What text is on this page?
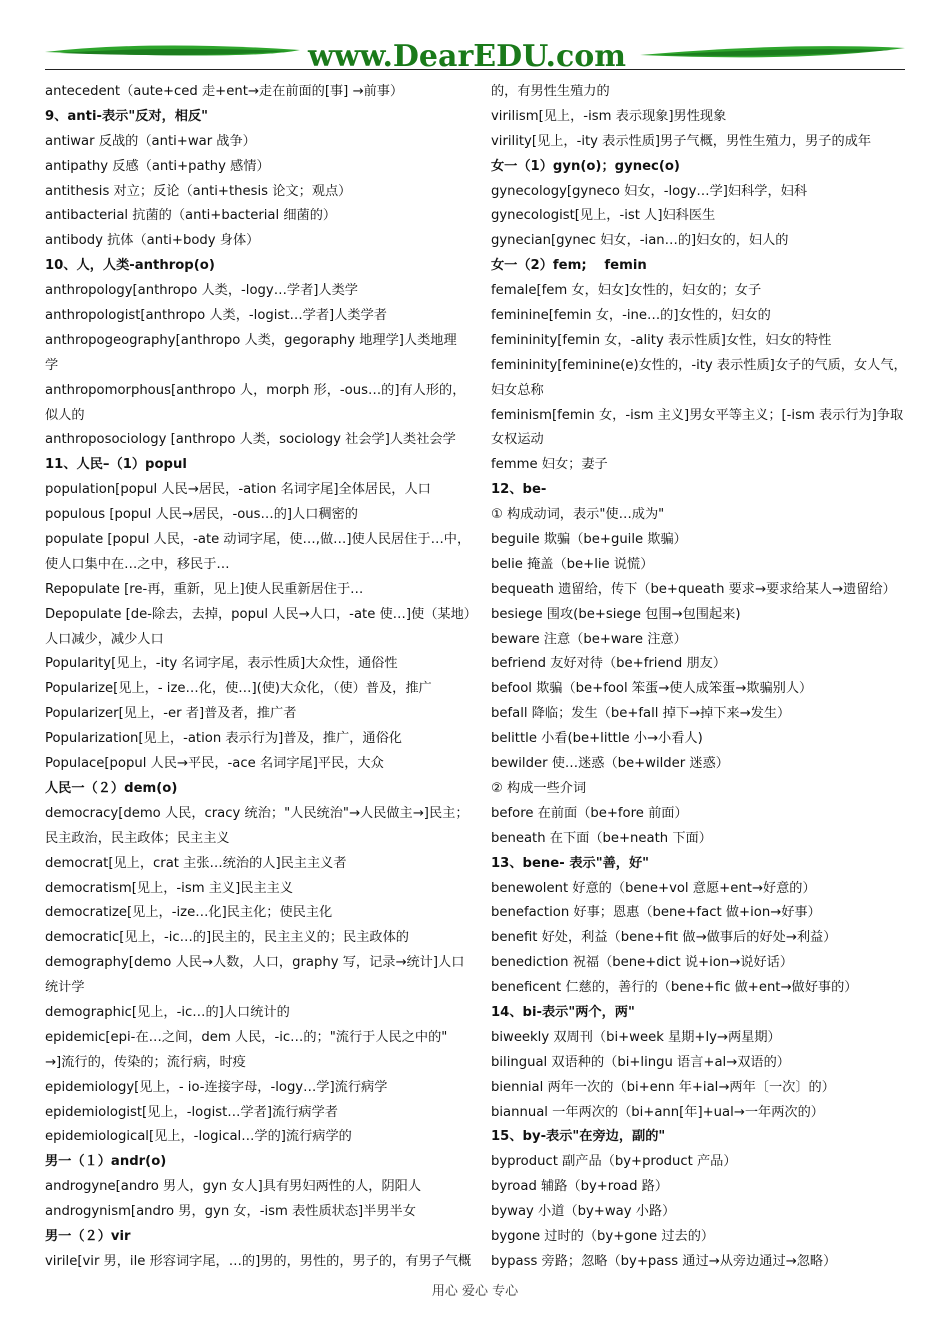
www.DearEDU.com
antecedent（aute+ced 走+ent→走在前面的[事] →前事）
9、anti-表示"反对，相反"
antiwar 反战的（anti+war 战争）
antipathy 反感（anti+pathy 感情）
antithesis 对立；反论（anti+thesis 论文；观点）
antibacterial 抗菌的（anti+bacterial 细菌的）
antibody 抗体（anti+body 身体）
10、人，人类-anthrop(o)
anthropology[anthropo 人类，-logy…学者]人类学
anthropologist[anthropo 人类，-logist…学者]人类学者
anthropogeography[anthropo 人类，gegoraphy 地理学]人类地理
学
anthropomorphous[anthropo 人，morph 形，-ous…的]有人形的，
似人的
anthroposociology [anthropo 人类，sociology 社会学]人类社会学
11、人民–（1）popul
population[popul 人民→居民，-ation 名词字尾]全体居民，人口
populous [popul 人民→居民，-ous…的]人口稠密的
populate [popul 人民，-ate 动词字尾，使…,做…]使人民居住于…中，
使人口集中在…之中，移民于…
Repopulate [re-再，重新，见上]使人民重新居住于…
Depopulate [de-除去，去掉，popul 人民→人口，-ate 使…]使（某地）
人口减少，减少人口
Popularity[见上，-ity 名词字尾，表示性质]大众性，通俗性
Popularize[见上，- ize…化，使…](使)大众化，（使）普及，推广
Popularizer[见上，-er 者]普及者，推广者
Popularization[见上，-ation 表示行为]普及，推广，通俗化
Populace[popul 人民→平民，-ace 名词字尾]平民，大众
人民一（２）dem(o)
democracy[demo 人民，cracy 统治；"人民统治"→人民做主→]民主；
民主政治，民主政体；民主主义
democrat[见上，crat 主张…统治的人]民主主义者
democratism[见上，-ism 主义]民主主义
democratize[见上，-ize…化]民主化；使民主化
democratic[见上，-ic…的]民主的，民主主义的；民主政体的
demography[demo 人民→人数，人口，graphy 写，记录→统计]人口
统计学
demographic[见上，-ic…的]人口统计的
epidemic[epi-在…之间，dem 人民，-ic…的；"流行于人民之中的"
→]流行的，传染的；流行病，时疫
epidemiology[见上，- io-连接字母，-logy…学]流行病学
epidemiologist[见上，-logist…学者]流行病学者
epidemiological[见上，-logical…学的]流行病学的
男一（１）andr(o)
androgyne[andro 男人，gyn 女人]具有男妇两性的人，阴阳人
androgynism[andro 男，gyn 女，-ism 表性质状态]半男半女
男一（２）vir
virile[vir 男，ile 形容词字尾，…的]男的，男性的，男子的，有男子气概
的，有男性生殖力的
virilism[见上，-ism 表示现象]男性现象
virility[见上，-ity 表示性质]男子气概，男性生殖力，男子的成年
女一（1）gyn(o)；gynec(o)
gynecology[gyneco 妇女，-logy…学]妇科学，妇科
gynecologist[见上，-ist 人]妇科医生
gynecian[gynec 妇女，-ian…的]妇女的，妇人的
女一（2）fem;　 femin
female[fem 女，妇女]女性的，妇女的；女子
feminine[femin 女，-ine…的]女性的，妇女的
femininity[femin 女，-ality 表示性质]女性，妇女的特性
femininity[feminine(e)女性的，-ity 表示性质]女子的气质，女人气，
妇女总称
feminism[femin 女，-ism 主义]男女平等主义；[-ism 表示行为]争取
女权运动
femme 妇女；妻子
12、be-
① 构成动词，表示"使…成为"
beguile 欺骗（be+guile 欺骗）
belie 掩盖（be+lie 说慌）
bequeath 遗留给，传下（be+queath 要求→要求给某人→遗留给）
besiege 围攻(be+siege 包围→包围起来)
beware 注意（be+ware 注意）
befriend 友好对待（be+friend 朋友）
befool 欺骗（be+fool 笨蛋→使人成笨蛋→欺骗别人）
befall 降临；发生（be+fall 掉下→掉下来→发生）
belittle 小看(be+little 小→小看人)
bewilder 使…迷惑（be+wilder 迷惑）
② 构成一些介词
before 在前面（be+fore 前面）
beneath 在下面（be+neath 下面）
13、bene- 表示"善，好"
benewolent 好意的（bene+vol 意愿+ent→好意的）
benefaction 好事；恩惠（bene+fact 做+ion→好事）
benefit 好处，利益（bene+fit 做→做事后的好处→利益）
benediction 祝福（bene+dict 说+ion→说好话）
beneficent 仁慈的，善行的（bene+fic 做+ent→做好事的）
14、bi-表示"两个，两"
biweekly 双周刊（bi+week 星期+ly→两星期）
bilingual 双语种的（bi+lingu 语言+al→双语的）
biennial 两年一次的（bi+enn 年+ial→两年〔一次〕的）
biannual 一年两次的（bi+ann[年]+ual→一年两次的）
15、by-表示"在旁边，副的"
byproduct 副产品（by+product 产品）
byroad 辅路（by+road 路）
byway 小道（by+way 小路）
bygone 过时的（by+gone 过去的）
bypass 旁路；忽略（by+pass 通过→从旁边通过→忽略）
用心 爱心 专心
